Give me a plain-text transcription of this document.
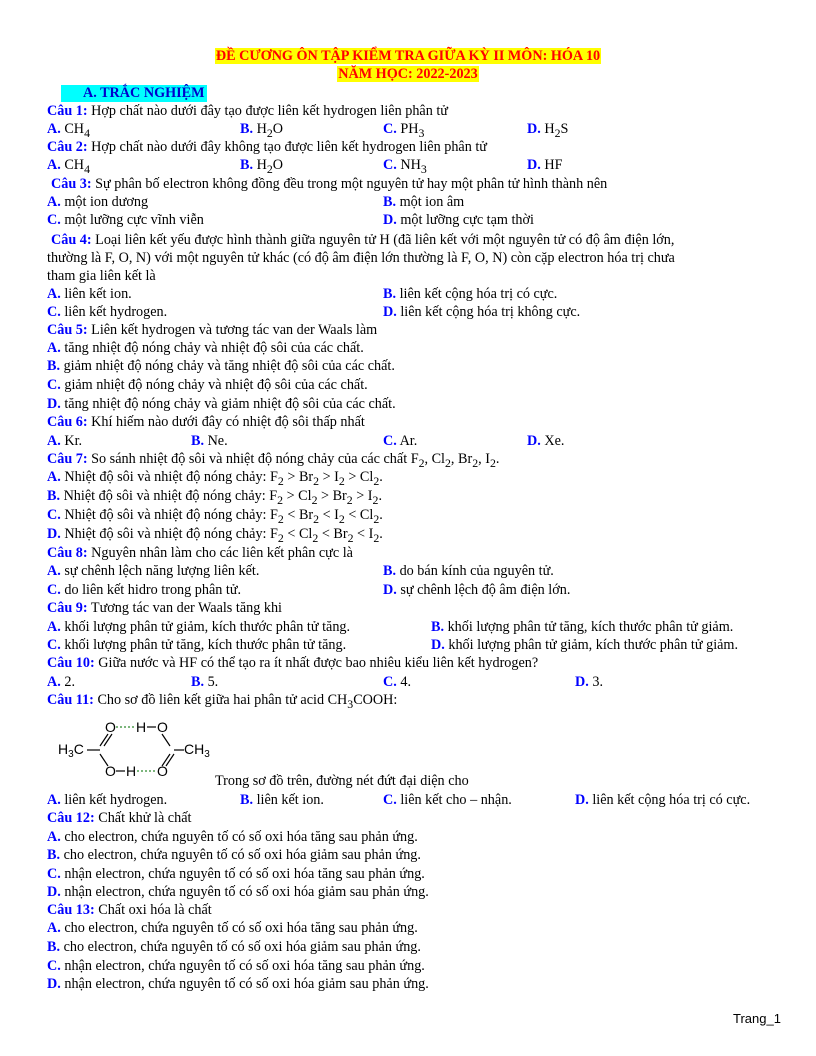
ĐỀ CƯƠNG ÔN TẬP KIỂM TRA GIỮA KỲ II MÔN: HÓA 10
NĂM HỌC: 2022-2023
A. TRẮC NGHIỆM
Câu 1: Hợp chất nào dưới đây tạo được liên kết hydrogen liên phân tử
A. $CH_4$	B. $H_2O$	C. $PH_3$	D. $H_2S$
Câu 2: Hợp chất nào dưới đây không tạo được liên kết hydrogen liên phân tử
A. $CH_4$	B. $H_2O$	C. $NH_3$	D. HF
Câu 3: Sự phân bố electron không đồng đều trong một nguyên tử hay một phân tử hình thành nên
A. một ion dương	B. một ion âm
C. một lưỡng cực vĩnh viễn	D. một lưỡng cực tạm thời
Câu 4: Loại liên kết yếu được hình thành giữa nguyên tử H (đã liên kết với một nguyên tử có độ âm điện lớn,
thường là F, O, N) với một nguyên tử khác (có độ âm điện lớn thường là F, O, N) còn cặp electron hóa trị chưa
tham gia liên kết là
A. liên kết ion.	B. liên kết cộng hóa trị có cực.
C. liên kết hydrogen.	D. liên kết cộng hóa trị không cực.
Câu 5: Liên kết hydrogen và tương tác van der Waals làm
A. tăng nhiệt độ nóng chảy và nhiệt độ sôi của các chất.
B. giảm nhiệt độ nóng chảy và tăng nhiệt độ sôi của các chất.
C. giảm nhiệt độ nóng chảy và nhiệt độ sôi của các chất.
D. tăng nhiệt độ nóng chảy và giảm nhiệt độ sôi của các chất.
Câu 6: Khí hiếm nào dưới đây có nhiệt độ sôi thấp nhất
A. Kr.	B. Ne.	C. Ar.	D. Xe.
Câu 7: So sánh nhiệt độ sôi và nhiệt độ nóng chảy của các chất $F_2$, $Cl_2$, $Br_2$, $I_2$.
A. Nhiệt độ sôi và nhiệt độ nóng chảy: $F_2 > Br_2 > I_2 > Cl_2$.
B. Nhiệt độ sôi và nhiệt độ nóng chảy: $F_2 > Cl_2 > Br_2 > I_2$.
C. Nhiệt độ sôi và nhiệt độ nóng chảy: $F_2 < Br_2 < I_2 < Cl_2$.
D. Nhiệt độ sôi và nhiệt độ nóng chảy: $F_2 < Cl_2 < Br_2 < I_2$.
Câu 8: Nguyên nhân làm cho các liên kết phân cực là
A. sự chênh lệch năng lượng liên kết.	B. do bán kính của nguyên tử.
C. do liên kết hidro trong phân tử.	D. sự chênh lệch độ âm điện lớn.
Câu 9: Tương tác van der Waals tăng khi
A. khối lượng phân tử giảm, kích thước phân tử tăng.	B. khối lượng phân tử tăng, kích thước phân tử giảm.
C. khối lượng phân tử tăng, kích thước phân tử tăng.	D. khối lượng phân tử giảm, kích thước phân tử giảm.
Câu 10: Giữa nước và HF có thể tạo ra ít nhất được bao nhiêu kiểu liên kết hydrogen?
A. 2.	B. 5.	C. 4.	D. 3.
Câu 11: Cho sơ đồ liên kết giữa hai phân tử acid $CH_3COOH$:
O H O
$H_3C$	$CH_3$
O H O
Trong sơ đồ trên, đường nét đứt đại diện cho
A. liên kết hydrogen.	B. liên kết ion.	C. liên kết cho – nhận.	D. liên kết cộng hóa trị có cực.
Câu 12: Chất khử là chất
A. cho electron, chứa nguyên tố có số oxi hóa tăng sau phản ứng.
B. cho electron, chứa nguyên tố có số oxi hóa giảm sau phản ứng.
C. nhận electron, chứa nguyên tố có số oxi hóa tăng sau phản ứng.
D. nhận electron, chứa nguyên tố có số oxi hóa giảm sau phản ứng.
Câu 13: Chất oxi hóa là chất
A. cho electron, chứa nguyên tố có số oxi hóa tăng sau phản ứng.
B. cho electron, chứa nguyên tố có số oxi hóa giảm sau phản ứng.
C. nhận electron, chứa nguyên tố có số oxi hóa tăng sau phản ứng.
D. nhận electron, chứa nguyên tố có số oxi hóa giảm sau phản ứng.
Trang_1
